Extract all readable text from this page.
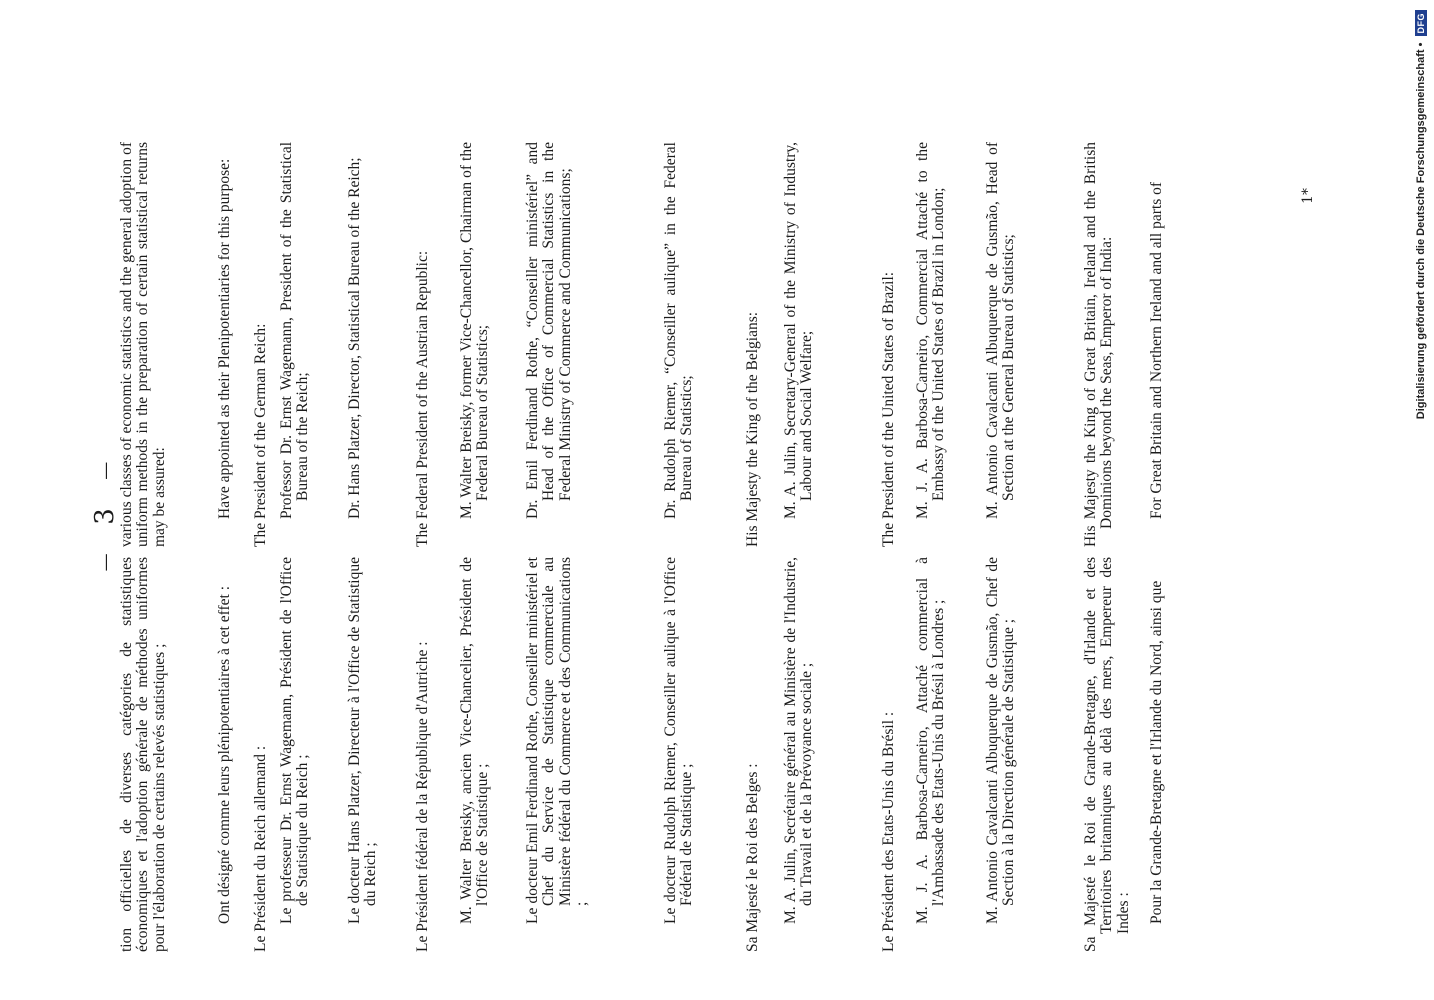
—  3  —

tion officielles de diverses catégories de statistiques économiques et l'adoption générale de méthodes uniformes pour l'élaboration de certains relevés statistiques ;	Ont désigné comme leurs plénipotentiaires à cet effet : Le Président du Reich allemand : Le professeur Dr. Ernst Wagemann, Président de l'Office de Statistique du Reich ; Le docteur Hans Platzer, Directeur à l'Office de Statistique du Reich ; Le Président fédéral de la République d'Autriche : M. Walter Breisky, ancien Vice-Chancelier, Président de l'Office de Statistique ; Le docteur Emil Ferdinand Rothe, Conseiller ministériel et Chef du Service de Statistique commerciale au Ministère fédéral du Commerce et des Communications ;	Le docteur Rudolph Riemer, Conseiller aulique à l'Office Fédéral de Statistique ;	Sa Majesté le Roi des Belges : M. A. Julin, Secrétaire général au Ministère de l'Industrie, du Travail et de la Prévoyance sociale ;	Le Président des Etats-Unis du Brésil : M. J. A. Barbosa-Carneiro, Attaché commercial à l'Ambassade des Etats-Unis du Brésil à Londres ; M. Antonio Cavalcanti Albuquerque de Gusmão, Chef de Section à la Direction générale de Statistique ;	Sa Majesté le Roi de Grande-Bretagne, d'Irlande et des Territoires britanniques au delà des mers, Empereur des Indes : Pour la Grande-Bretagne et l'Irlande du Nord, ainsi que

various classes of economic statistics and the general adoption of uniform methods in the preparation of certain statistical returns may be assured:	Have appointed as their Plenipotentiaries for this purpose: The President of the German Reich: Professor Dr. Ernst Wagemann, President of the Statistical Bureau of the Reich; Dr. Hans Platzer, Director, Statistical Bureau of the Reich;	The Federal President of the Austrian Republic: M. Walter Breisky, former Vice-Chancellor, Chairman of the Federal Bureau of Statistics; Dr. Emil Ferdinand Rothe, “Conseiller ministériel” and Head of the Office of Commercial Statistics in the Federal Ministry of Commerce and Communications;	Dr. Rudolph Riemer, “Conseiller aulique” in the Federal Bureau of Statistics;	His Majesty the King of the Belgians: M. A. Julin, Secretary-General of the Ministry of Industry, Labour and Social Welfare;	The President of the United States of Brazil: M. J. A. Barbosa-Carneiro, Commercial Attaché to the Embassy of the United States of Brazil in London; M. Antonio Cavalcanti Albuquerque de Gusmão, Head of Section at the General Bureau of Statistics;	His Majesty the King of Great Britain, Ireland and the British Dominions beyond the Seas, Emperor of India: For Great Britain and Northern Ireland and all parts of	Digitalisierung gefördert durch die Deutsche Forschungsgemeinschaft •
DFG
1*
